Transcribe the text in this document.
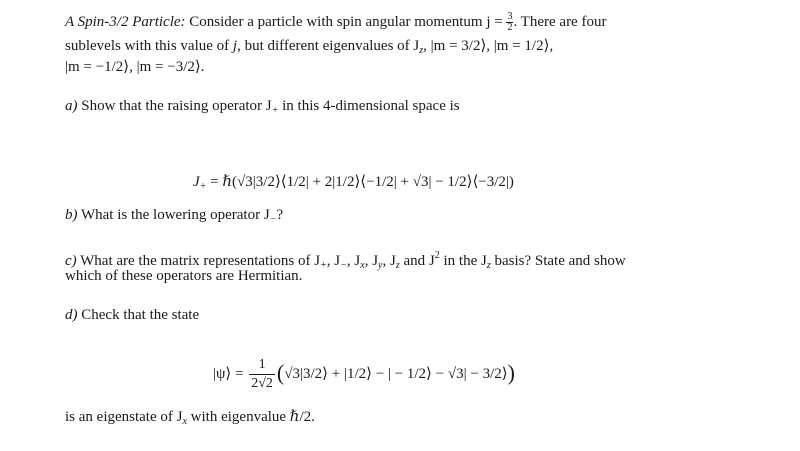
A Spin-3/2 Particle: Consider a particle with spin angular momentum $j = \frac{3}{2}$ . There are four
sublevels with this value of j, but different eigenvalues of $J_z$, |m = 3/2⟩, |m = 1/2⟩,
|m = −1/2⟩, |m = −3/2⟩.
a) Show that the raising operator $J_+$ in this 4-dimensional space is
$J_+$ = ℏ(√3|3/2⟩⟨1/2| + 2|1/2⟩⟨−1/2| + √3| − 1/2⟩⟨−3/2|)
b) What is the lowering operator $J_-$?
c) What are the matrix representations of $J_+$, $J_-$, $J_x$, $J_y$, $J_z$ and $J^2$ in the $J_z$ basis? State and show
which of these operators are Hermitian.
d) Check that the state
|ψ⟩ = $\frac{1}{2√2}$ (√3|3/2⟩ + |1/2⟩ − | − 1/2⟩ − √3| − 3/2⟩)
is an eigenstate of $J_x$ with eigenvalue ℏ/2.
